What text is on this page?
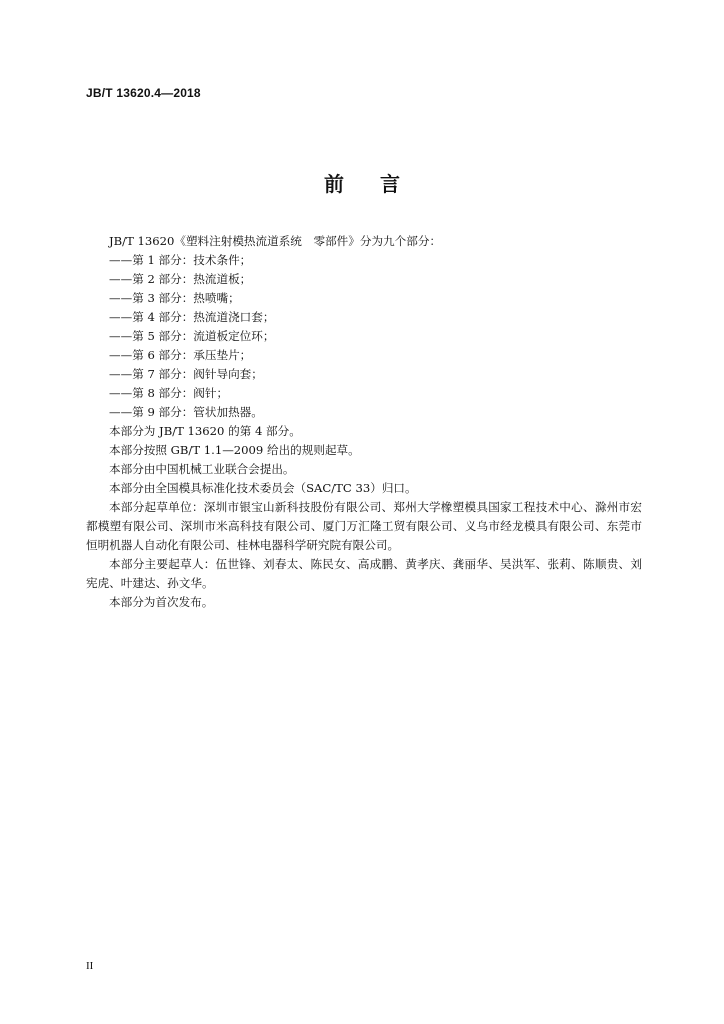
JB/T 13620.4—2018
前 言

JB/T 13620《塑料注射模热流道系统　零部件》分为九个部分：

——第 1 部分：技术条件；

——第 2 部分：热流道板；

——第 3 部分：热喷嘴；

——第 4 部分：热流道浇口套；

——第 5 部分：流道板定位环；

——第 6 部分：承压垫片；

——第 7 部分：阀针导向套；

——第 8 部分：阀针；

——第 9 部分：管状加热器。

本部分为 JB/T 13620 的第 4 部分。

本部分按照 GB/T 1.1—2009 给出的规则起草。

本部分由中国机械工业联合会提出。

本部分由全国模具标准化技术委员会（SAC/TC 33）归口。

本部分起草单位：深圳市银宝山新科技股份有限公司、郑州大学橡塑模具国家工程技术中心、滁州市宏都模塑有限公司、深圳市米高科技有限公司、厦门万汇隆工贸有限公司、义乌市经龙模具有限公司、东莞市恒明机器人自动化有限公司、桂林电器科学研究院有限公司。

本部分主要起草人：伍世锋、刘春太、陈民女、高成鹏、黄孝庆、龚丽华、吴洪军、张莉、陈顺贵、刘宪虎、叶建达、孙文华。

本部分为首次发布。

II
